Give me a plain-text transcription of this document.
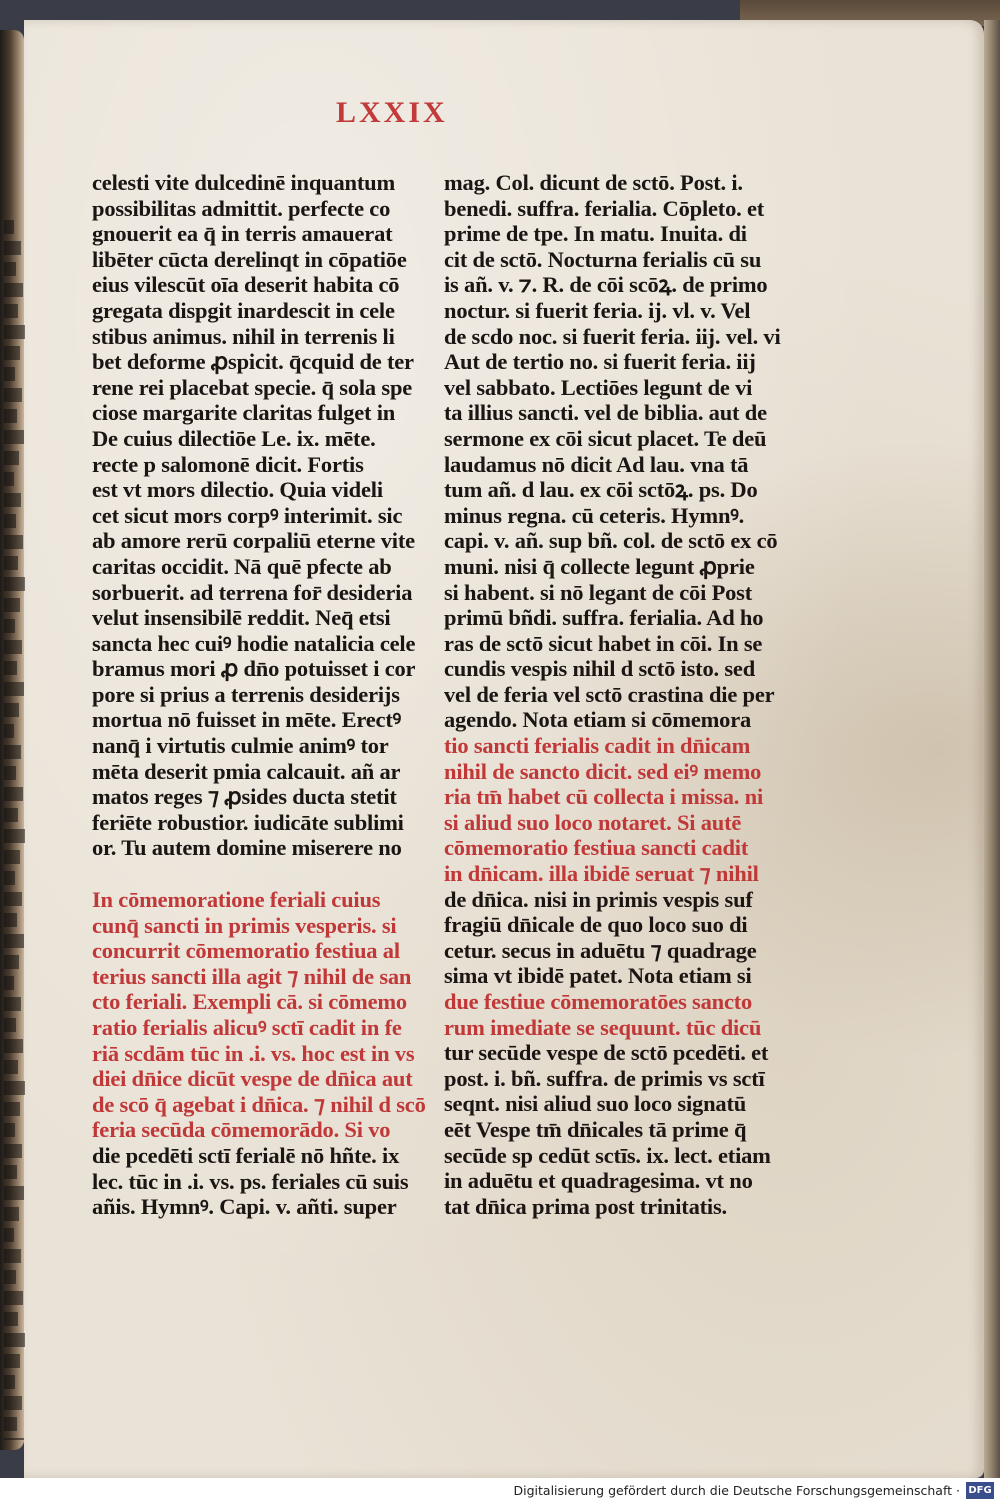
LXXIX
celesti vite dulcedinē inquantum
possibilitas admittit. perfecte co
gnouerit ea q̄ in terris amauerat
libēter cūcta derelinqt in cōpatiōe
eius vilescūt oīa deserit habita cō
gregata dispgit inardescit in cele
stibus animus. nihil in terrenis li
bet deforme ꝓspicit. q̄cquid de ter
rene rei placebat specie. q̄ sola spe
ciose margarite claritas fulget in
De cuius dilectiōe Le. ix. mēte.
recte p salomonē dicit. Fortis
est vt mors dilectio. Quia videli
cet sicut mors corpꝰ interimit. sic
ab amore rerū corpaliū eterne vite
caritas occidit. Nā quē pfecte ab
sorbuerit. ad terrena for̄ desideria
velut insensibilē reddit. Neq̄ etsi
sancta hec cuiꝰ hodie natalicia cele
bramus mori ꝓ dn̄o potuisset i cor
pore si prius a terrenis desiderijs
mortua nō fuisset in mēte. Erectꝰ
nanq̄ i virtutis culmie animꝰ tor
mēta deserit pmia calcauit. añ ar
matos reges ⁊ ꝓsides ducta stetit
feriēte robustior. iudicāte sublimi
or. Tu autem domine miserere no
In cōmemoratione feriali cuius
cunq̄ sancti in primis vesperis. si
concurrit cōmemoratio festiua al
terius sancti illa agit ⁊ nihil de san
cto feriali. Exempli cā. si cōmemo
ratio ferialis alicuꝰ sctī cadit in fe
riā scdām tūc in .i. vs. hoc est in vs
diei dn̄ice dicūt vespe de dn̄ica aut
de scō q̄ agebat i dn̄ica. ⁊ nihil d scō
feria secūda cōmemorādo. Si vo
die pcedēti sctī ferialē nō hñte. ix
lec. tūc in .i. vs. ps. feriales cū suis
añis. Hymnꝰ. Capi. v. añti. super
mag. Col. dicunt de sctō. Post. i.
benedi. suffra. ferialia. Cōpleto. et
prime de tpe. In matu. Inuita. di
cit de sctō. Nocturna ferialis cū su
is añ. v. ⁊. R. de cōi scōꝝ. de primo
noctur. si fuerit feria. ij. vl. v. Vel
de scdo noc. si fuerit feria. iij. vel. vi
Aut de tertio no. si fuerit feria. iij
vel sabbato. Lectiōes legunt de vi
ta illius sancti. vel de biblia. aut de
sermone ex cōi sicut placet. Te deū
laudamus nō dicit Ad lau. vna tā
tum añ. d lau. ex cōi sctōꝝ. ps. Do
minus regna. cū ceteris. Hymnꝰ.
capi. v. añ. sup bñ. col. de sctō ex cō
muni. nisi q̄ collecte legunt ꝓprie
si habent. si nō legant de cōi Post
primū bñdi. suffra. ferialia. Ad ho
ras de sctō sicut habet in cōi. In se
cundis vespis nihil d sctō isto. sed
vel de feria vel sctō crastina die per
agendo. Nota etiam si cōmemora
tio sancti ferialis cadit in dn̄icam
nihil de sancto dicit. sed eiꝰ memo
ria tm̄ habet cū collecta i missa. ni
si aliud suo loco notaret. Si autē
cōmemoratio festiua sancti cadit
in dn̄icam. illa ibidē seruat ⁊ nihil
de dn̄ica. nisi in primis vespis suf
fragiū dn̄icale de quo loco suo di
cetur. secus in aduētu ⁊ quadrage
sima vt ibidē patet. Nota etiam si
due festiue cōmemoratōes sancto
rum imediate se sequunt. tūc dicū
tur secūde vespe de sctō pcedēti. et
post. i. bñ. suffra. de primis vs sctī
seqnt. nisi aliud suo loco signatū
eēt Vespe tm̄ dn̄icales tā prime q̄
secūde sp cedūt sctīs. ix. lect. etiam
in aduētu et quadragesima. vt no
tat dn̄ica prima post trinitatis.
Digitalisierung gefördert durch die Deutsche Forschungsgemeinschaft · DFG
